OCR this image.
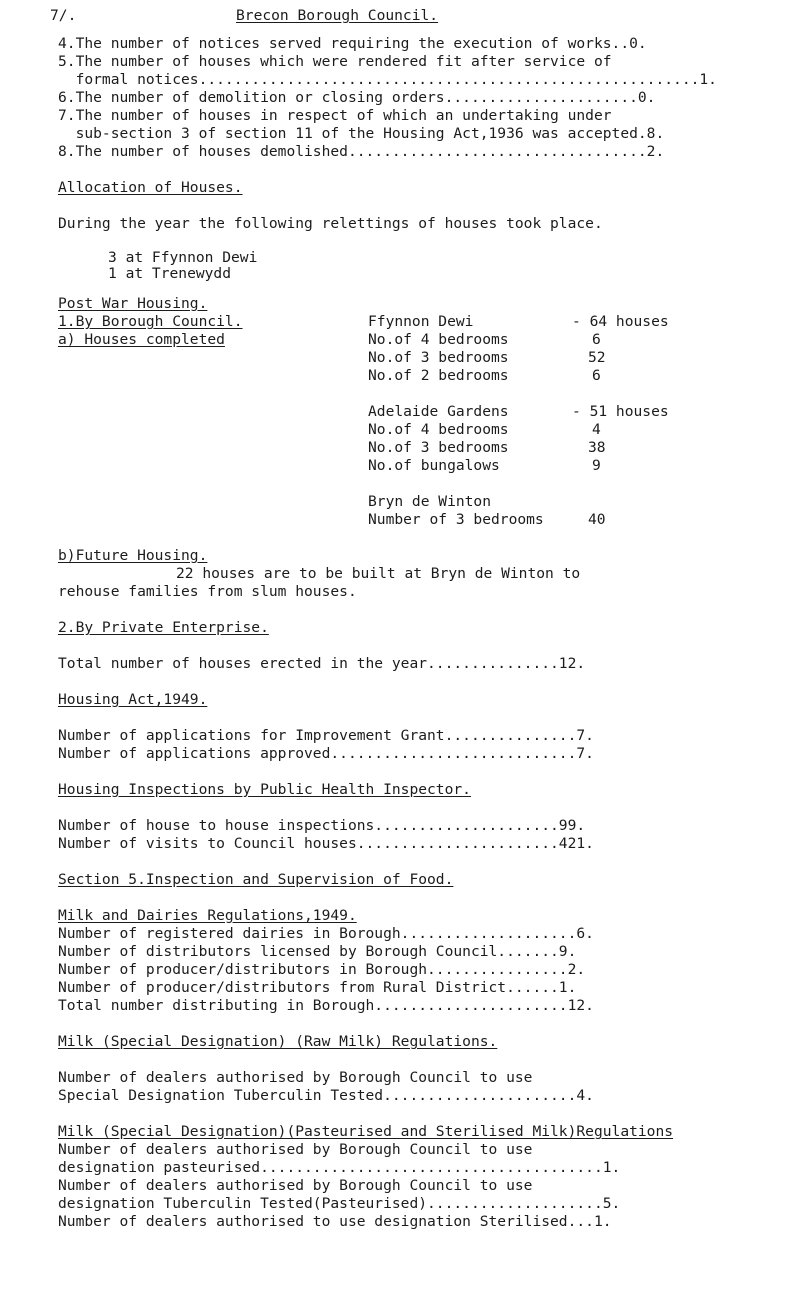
7/.	Brecon Borough Council.
4.The number of notices served requiring the execution of works..0.
5.The number of houses which were rendered fit after service of
formal notices.........................................................1.
6.The number of demolition or closing orders......................0.
7.The number of houses in respect of which an undertaking under
sub-section 3 of section 11 of the Housing Act,1936 was accepted.8.
8.The number of houses demolished..................................2.
Allocation of Houses.
During the year the following relettings of houses took place.
3 at Ffynnon Dewi
1 at Trenewydd
Post War Housing.
1.By Borough Council.
a) Houses completed
Ffynnon Dewi	- 64 houses
No.of 4 bedrooms	6
No.of 3 bedrooms	52
No.of 2 bedrooms	6
Adelaide Gardens	- 51 houses
No.of 4 bedrooms	4
No.of 3 bedrooms	38
No.of bungalows	9
Bryn de Winton
Number of 3 bedrooms	40
b)Future Housing.
22 houses are to be built at Bryn de Winton to
rehouse families from slum houses.
2.By Private Enterprise.
Total number of houses erected in the year...............12.
Housing Act,1949.
Number of applications for Improvement Grant...............7.
Number of applications approved............................7.
Housing Inspections by Public Health Inspector.
Number of house to house inspections.....................99.
Number of visits to Council houses.......................421.
Section 5.Inspection and Supervision of Food.
Milk and Dairies Regulations,1949.
Number of registered dairies in Borough....................6.
Number of distributors licensed by Borough Council.......9.
Number of producer/distributors in Borough................2.
Number of producer/distributors from Rural District......1.
Total number distributing in Borough......................12.
Milk (Special Designation) (Raw Milk) Regulations.
Number of dealers authorised by Borough Council to use
Special Designation Tuberculin Tested......................4.
Milk (Special Designation)(Pasteurised and Sterilised Milk)Regulations
Number of dealers authorised by Borough Council to use
designation pasteurised.......................................1.
Number of dealers authorised by Borough Council to use
designation Tuberculin Tested(Pasteurised)....................5.
Number of dealers authorised to use designation Sterilised...1.
